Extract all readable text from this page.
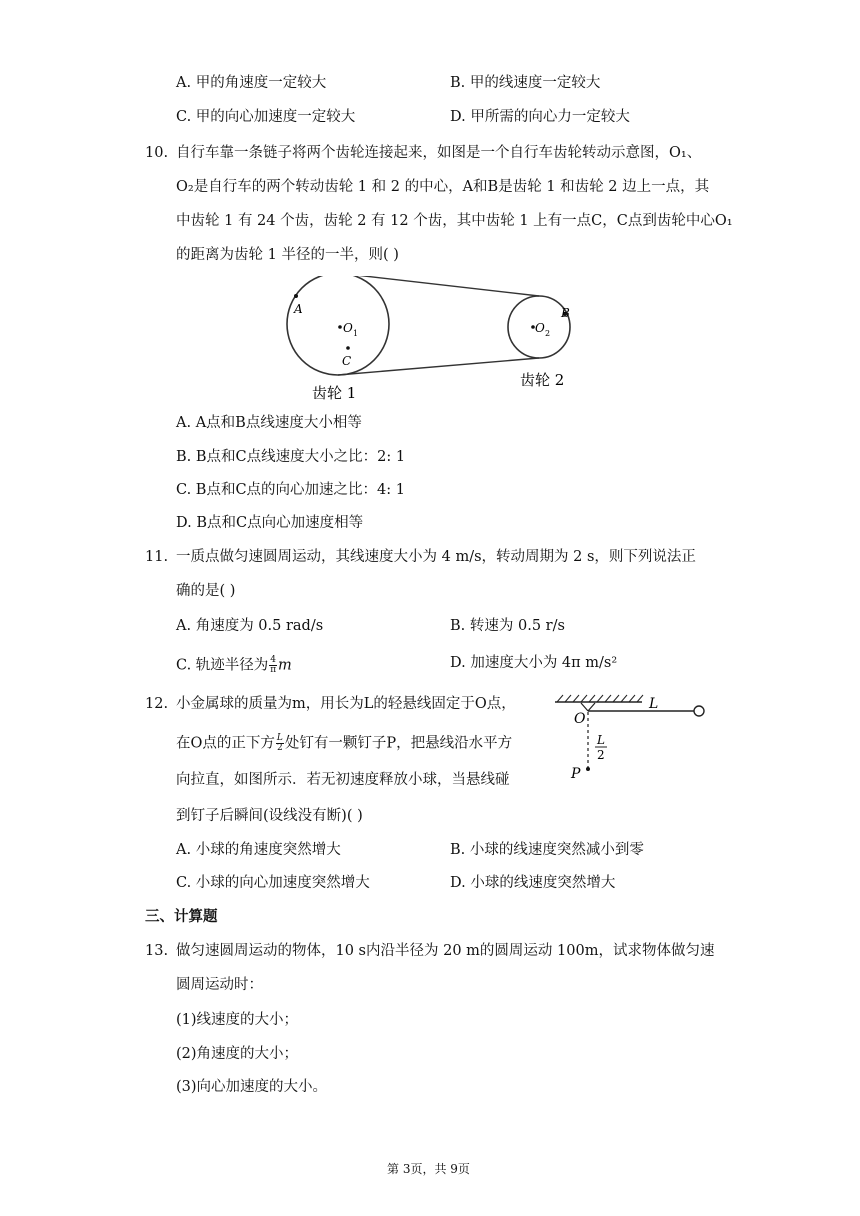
A. 甲的角速度一定较大	B. 甲的线速度一定较大
C. 甲的向心加速度一定较大	D. 甲所需的向心力一定较大
10. 自行车靠一条链子将两个齿轮连接起来，如图是一个自行车齿轮转动示意图，O₁、
O₂是自行车的两个转动齿轮 1 和 2 的中心，A和B是齿轮 1 和齿轮 2 边上一点，其
中齿轮 1 有 24 个齿，齿轮 2 有 12 个齿，其中齿轮 1 上有一点C，C点到齿轮中心O₁
的距离为齿轮 1 半径的一半，则( )
A
O 1
C
O 2
B
齿轮 1
齿轮 2
A. A点和B点线速度大小相等
B. B点和C点线速度大小之比：2: 1
C. B点和C点的向心加速之比：4: 1
D. B点和C点向心加速度相等
11. 一质点做匀速圆周运动，其线速度大小为 4 m/s，转动周期为 2 s，则下列说法正
确的是( )
A. 角速度为 0.5 rad/s	B. 转速为 0.5 r/s
C. 轨迹半径为 $\frac{4}{\pi}$ m	D. 加速度大小为 4π m/s²
12. 小金属球的质量为m，用长为L的轻悬线固定于O点，
在O点的正下方 $\frac{L}{2}$ 处钉有一颗钉子P，把悬线沿水平方
向拉直，如图所示．若无初速度释放小球，当悬线碰
到钉子后瞬间(设线没有断)( )
O
L
L
2
P
A. 小球的角速度突然增大	B. 小球的线速度突然减小到零
C. 小球的向心加速度突然增大	D. 小球的线速度突然增大
三、计算题
13. 做匀速圆周运动的物体，10 s内沿半径为 20 m的圆周运动 100m，试求物体做匀速
圆周运动时：
(1)线速度的大小；
(2)角速度的大小；
(3)向心加速度的大小。
第 3页，共 9页
